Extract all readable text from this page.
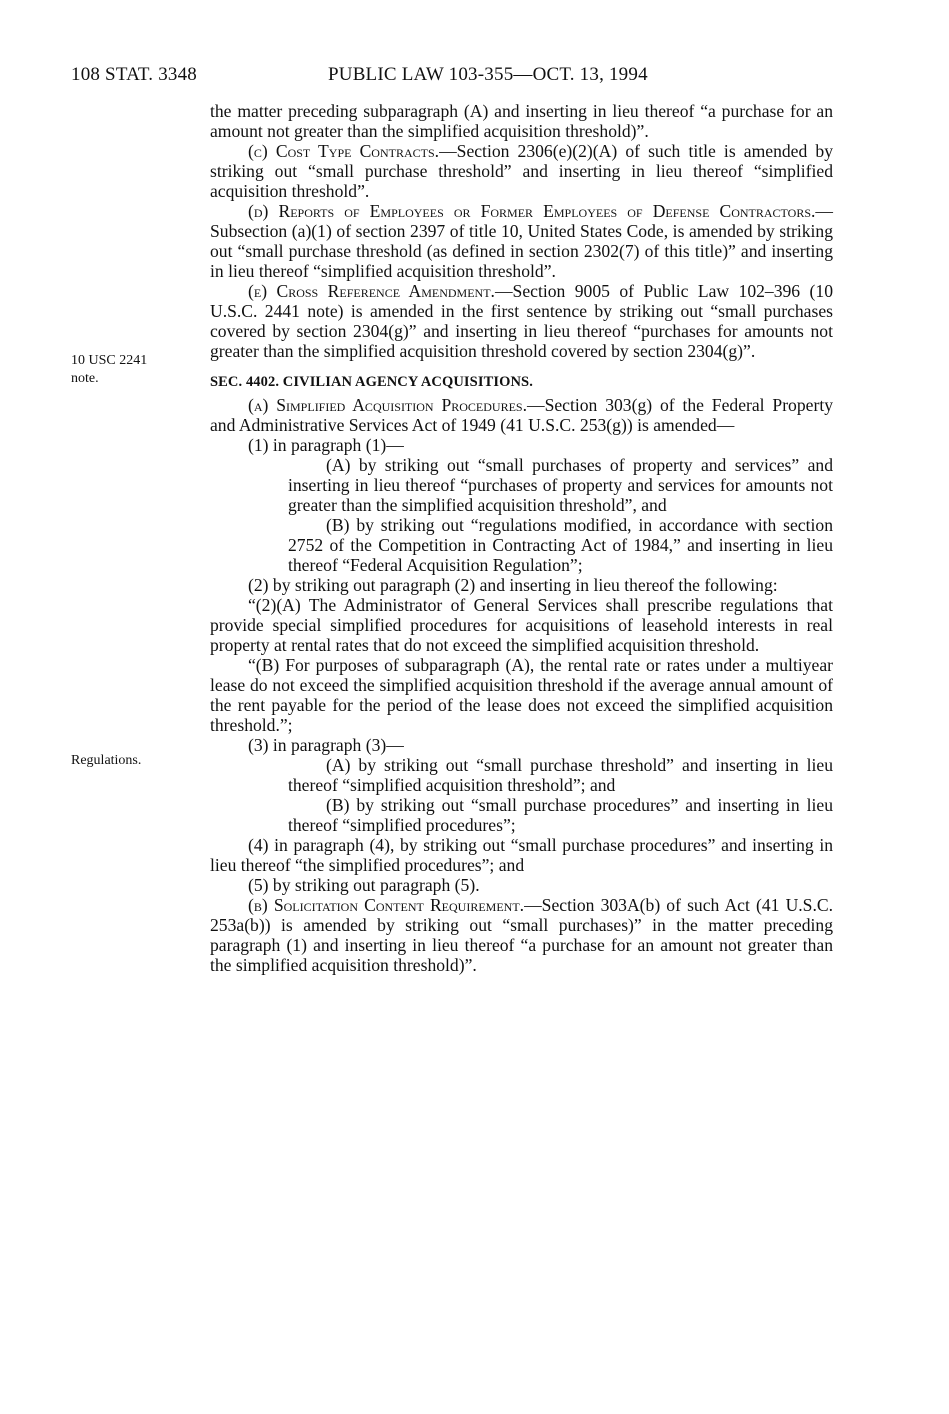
108 STAT. 3348	PUBLIC LAW 103-355—OCT. 13, 1994
10 USC 2241
note.
Regulations.

the matter preceding subparagraph (A) and inserting in lieu thereof “a purchase for an amount not greater than the simplified acquisition threshold)”.

(c) Cost Type Contracts.—Section 2306(e)(2)(A) of such title is amended by striking out “small purchase threshold” and inserting in lieu thereof “simplified acquisition threshold”.

(d) Reports of Employees or Former Employees of Defense Contractors.—Subsection (a)(1) of section 2397 of title 10, United States Code, is amended by striking out “small purchase threshold (as defined in section 2302(7) of this title)” and inserting in lieu thereof “simplified acquisition threshold”.

(e) Cross Reference Amendment.—Section 9005 of Public Law 102–396 (10 U.S.C. 2441 note) is amended in the first sentence by striking out “small purchases covered by section 2304(g)” and inserting in lieu thereof “purchases for amounts not greater than the simplified acquisition threshold covered by section 2304(g)”.

SEC. 4402. CIVILIAN AGENCY ACQUISITIONS.

(a) Simplified Acquisition Procedures.—Section 303(g) of the Federal Property and Administrative Services Act of 1949 (41 U.S.C. 253(g)) is amended—

(1) in paragraph (1)—

(A) by striking out “small purchases of property and services” and inserting in lieu thereof “purchases of property and services for amounts not greater than the simplified acquisition threshold”, and

(B) by striking out “regulations modified, in accordance with section 2752 of the Competition in Contracting Act of 1984,” and inserting in lieu thereof “Federal Acquisition Regulation”;

(2) by striking out paragraph (2) and inserting in lieu thereof the following:

“(2)(A) The Administrator of General Services shall prescribe regulations that provide special simplified procedures for acquisitions of leasehold interests in real property at rental rates that do not exceed the simplified acquisition threshold.

“(B) For purposes of subparagraph (A), the rental rate or rates under a multiyear lease do not exceed the simplified acquisition threshold if the average annual amount of the rent payable for the period of the lease does not exceed the simplified acquisition threshold.”;

(3) in paragraph (3)—

(A) by striking out “small purchase threshold” and inserting in lieu thereof “simplified acquisition threshold”; and

(B) by striking out “small purchase procedures” and inserting in lieu thereof “simplified procedures”;

(4) in paragraph (4), by striking out “small purchase procedures” and inserting in lieu thereof “the simplified procedures”; and

(5) by striking out paragraph (5).

(b) Solicitation Content Requirement.—Section 303A(b) of such Act (41 U.S.C. 253a(b)) is amended by striking out “small purchases)” in the matter preceding paragraph (1) and inserting in lieu thereof “a purchase for an amount not greater than the simplified acquisition threshold)”.
